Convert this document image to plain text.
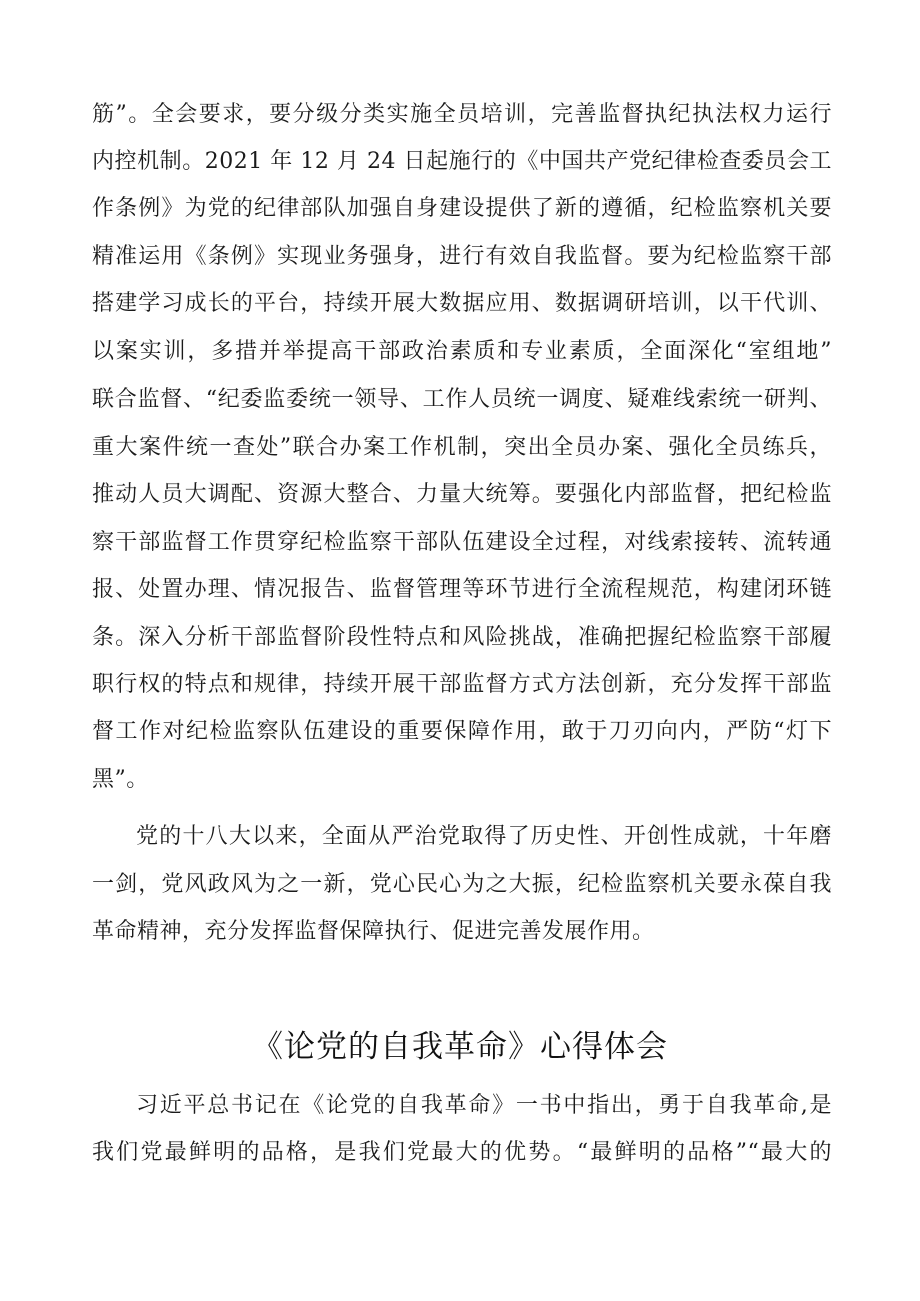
筋”。全会要求，要分级分类实施全员培训，完善监督执纪执法权力运行
内控机制。2021 年 12 月 24 日起施行的《中国共产党纪律检查委员会工
作条例》为党的纪律部队加强自身建设提供了新的遵循，纪检监察机关要
精准运用《条例》实现业务强身，进行有效自我监督。要为纪检监察干部
搭建学习成长的平台，持续开展大数据应用、数据调研培训，以干代训、
以案实训，多措并举提高干部政治素质和专业素质，全面深化“室组地”
联合监督、“纪委监委统一领导、工作人员统一调度、疑难线索统一研判、
重大案件统一查处”联合办案工作机制，突出全员办案、强化全员练兵，
推动人员大调配、资源大整合、力量大统筹。要强化内部监督，把纪检监
察干部监督工作贯穿纪检监察干部队伍建设全过程，对线索接转、流转通
报、处置办理、情况报告、监督管理等环节进行全流程规范，构建闭环链
条。深入分析干部监督阶段性特点和风险挑战，准确把握纪检监察干部履
职行权的特点和规律，持续开展干部监督方式方法创新，充分发挥干部监
督工作对纪检监察队伍建设的重要保障作用，敢于刀刃向内，严防“灯下
黑”。
党的十八大以来，全面从严治党取得了历史性、开创性成就，十年磨
一剑，党风政风为之一新，党心民心为之大振，纪检监察机关要永葆自我
革命精神，充分发挥监督保障执行、促进完善发展作用。
《论党的自我革命》心得体会
习近平总书记在《论党的自我革命》一书中指出，勇于自我革命,是
我们党最鲜明的品格，是我们党最大的优势。“最鲜明的品格”“最大的
